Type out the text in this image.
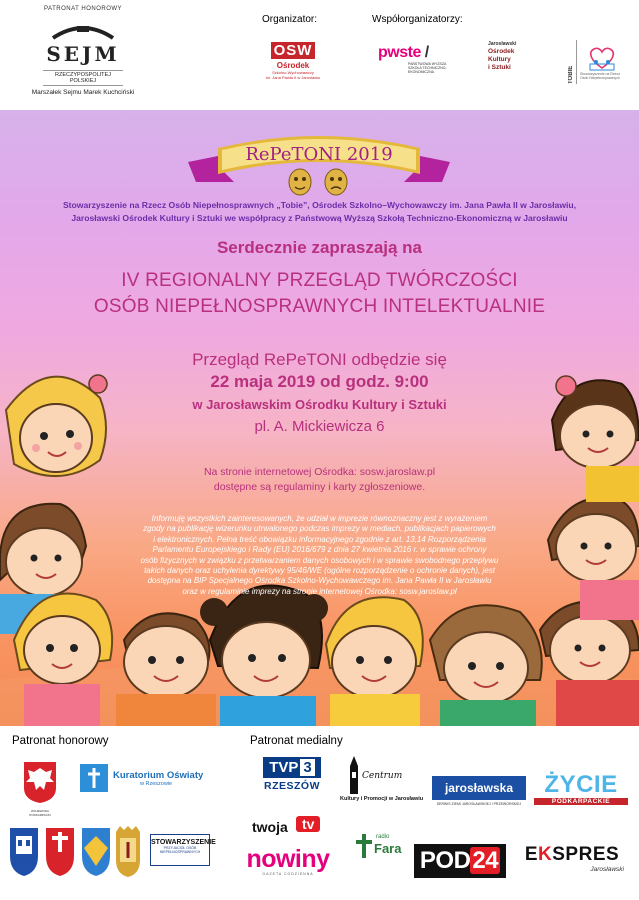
PATRONAT HONOROWY
SEJM
RZECZYPOSPOLITEJ POLSKIEJ
Marszałek Sejmu Marek Kuchciński
Organizator:	Współorganizatorzy:
OSW
Ośrodek
Szkolno-Wychowawczy
im. Jana Pawła II w Jarosławiu
pwste /
PAŃSTWOWA WYŻSZA SZKOŁA TECHNICZNO-EKONOMICZNA
Jarosławski
Ośrodek
Kultury
i Sztuki	TOBIE	Stowarzyszenie na Rzecz Osób Niepełnosprawnych
RePeTONI 2019
Stowarzyszenie na Rzecz Osób Niepełnosprawnych „Tobie”, Ośrodek Szkolno–Wychowawczy im. Jana Pawła II w Jarosławiu,
Jarosławski Ośrodek Kultury i Sztuki we współpracy z Państwową Wyższą Szkołą Techniczno-Ekonomiczną w Jarosławiu
Serdecznie zapraszają na
IV REGIONALNY PRZEGLĄD TWÓRCZOŚCI
OSÓB NIEPEŁNOSPRAWNYCH INTELEKTUALNIE
Przegląd RePeTONI odbędzie się
22 maja 2019 od godz. 9:00
w Jarosławskim Ośrodku Kultury i Sztuki
pl. A. Mickiewicza 6
Na stronie internetowej Ośrodka: sosw.jaroslaw.pl
dostępne są regulaminy i karty zgłoszeniowe.
Informuję wszystkich zainteresowanych, że udział w imprezie równoznaczny jest z wyrażeniem
zgody na publikację wizerunku utrwalonego podczas imprezy w mediach, publikacjach papierowych
i elektronicznych. Pełna treść obowiązku informacyjnego zgodnie z art. 13,14 Rozporządzenia
Parlamentu Europejskiego i Rady (EU) 2016/679 z dnia 27 kwietnia 2016 r. w sprawie ochrony
osób fizycznych w związku z przetwarzaniem danych osobowych i w sprawie swobodnego przepływu
takich danych oraz uchylenia dyrektywy 95/46/WE (ogólne rozporządzenie o ochronie danych), jest
dostępna na BIP Specjalnego Ośrodka Szkolno-Wychowawczego im. Jana Pawła II w Jarosławiu
oraz w regulaminie imprezy na stronie internetowej Ośrodka: sosw.jaroslaw.pl
Patronat honorowy	Patronat medialny
WOJEWODA PODKARPACKI
Kuratorium Oświaty
w Rzeszowie
STOWARZYSZENIE
PRZYJACIÓŁ OSÓB NIEPEŁNOSPRAWNYCH
TVP 3
RZESZÓW
Centrum
Kultury i Promocji w Jarosławiu
jarosławska
SERWIS ZIEMI JAROSŁAWSKIEJ I PRZEWORSKIEJ
ŻYCIE
PODKARPACKIE
twoja	tv
nowiny
GAZETA CODZIENNA
radio
Fara POD24	EKSPRES
Jarosławski
